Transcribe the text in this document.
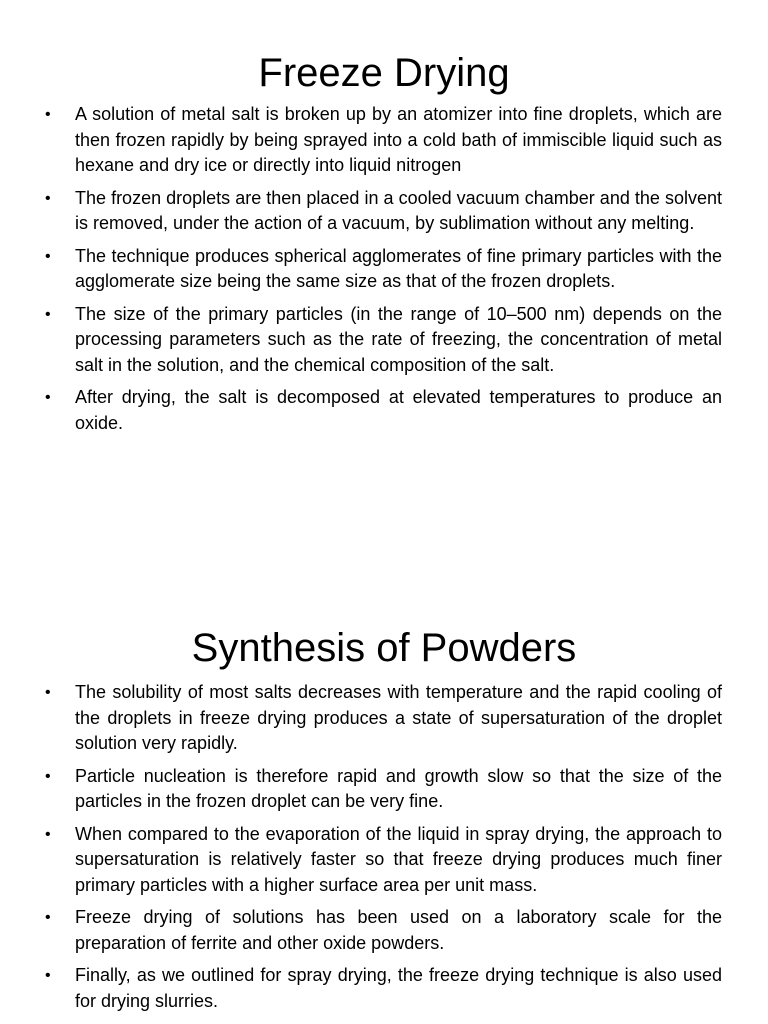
Freeze Drying
• A solution of metal salt is broken up by an atomizer into fine droplets, which are then frozen rapidly by being sprayed into a cold bath of immiscible liquid such as hexane and dry ice or directly into liquid nitrogen
• The frozen droplets are then placed in a cooled vacuum chamber and the solvent is removed, under the action of a vacuum, by sublimation without any melting.
• The technique produces spherical agglomerates of fine primary particles with the agglomerate size being the same size as that of the frozen droplets.
• The size of the primary particles (in the range of 10–500 nm) depends on the processing parameters such as the rate of freezing, the concentration of metal salt in the solution, and the chemical composition of the salt.
• After drying, the salt is decomposed at elevated temperatures to produce an oxide.
Synthesis of Powders
• The solubility of most salts decreases with temperature and the rapid cooling of the droplets in freeze drying produces a state of supersaturation of the droplet solution very rapidly.
• Particle nucleation is therefore rapid and growth slow so that the size of the particles in the frozen droplet can be very fine.
• When compared to the evaporation of the liquid in spray drying, the approach to supersaturation is relatively faster so that freeze drying produces much finer primary particles with a higher surface area per unit mass.
• Freeze drying of solutions has been used on a laboratory scale for the preparation of ferrite and other oxide powders.
• Finally, as we outlined for spray drying, the freeze drying technique is also used for drying slurries.
